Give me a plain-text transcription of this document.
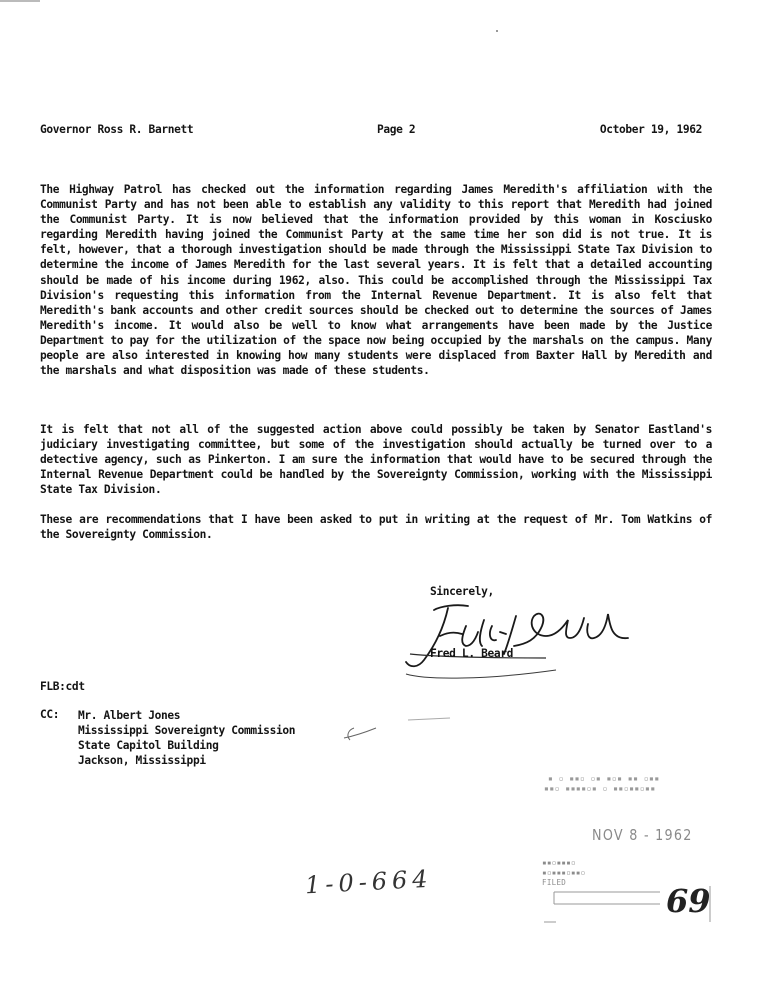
Governor Ross R. Barnett	Page 2	October 19, 1962

The Highway Patrol has checked out the information regarding James Meredith's affiliation with the Communist Party and has not been able to establish any validity to this report that Meredith had joined the Communist Party. It is now believed that the information provided by this woman in Kosciusko regarding Meredith having joined the Communist Party at the same time her son did is not true. It is felt, however, that a thorough investigation should be made through the Mississippi State Tax Division to determine the income of James Meredith for the last several years. It is felt that a detailed accounting should be made of his income during 1962, also. This could be accomplished through the Mississippi Tax Division's requesting this information from the Internal Revenue Department. It is also felt that Meredith's bank accounts and other credit sources should be checked out to determine the sources of James Meredith's income. It would also be well to know what arrangements have been made by the Justice Department to pay for the utilization of the space now being occupied by the marshals on the campus. Many people are also interested in knowing how many students were displaced from Baxter Hall by Meredith and the marshals and what disposition was made of these students.

It is felt that not all of the suggested action above could possibly be taken by Senator Eastland's judiciary investigating committee, but some of the investigation should actually be turned over to a detective agency, such as Pinkerton. I am sure the information that would have to be secured through the Internal Revenue Department could be handled by the Sovereignty Commission, working with the Mississippi State Tax Division.

These are recommendations that I have been asked to put in writing at the request of Mr. Tom Watkins of the Sovereignty Commission.

Sincerely,
Fred L. Beard
FLB:cdt
CC:	Mr. Albert Jones
Mississippi Sovereignty Commission
State Capitol Building
Jackson, Mississippi
▪ ▫ ▪▪▫ ▫▪ ▪▫▪ ▪▪ ▫▪▪
▪▪▫ ▪▪▪▪▫▪ ▫ ▪▪▫▪▪▫▪▪
NOV 8 - 1962
▪▪▫▪▪▪▫
▪▫▪▪▪▫▪▪▫
FILED	69
1-0-664
